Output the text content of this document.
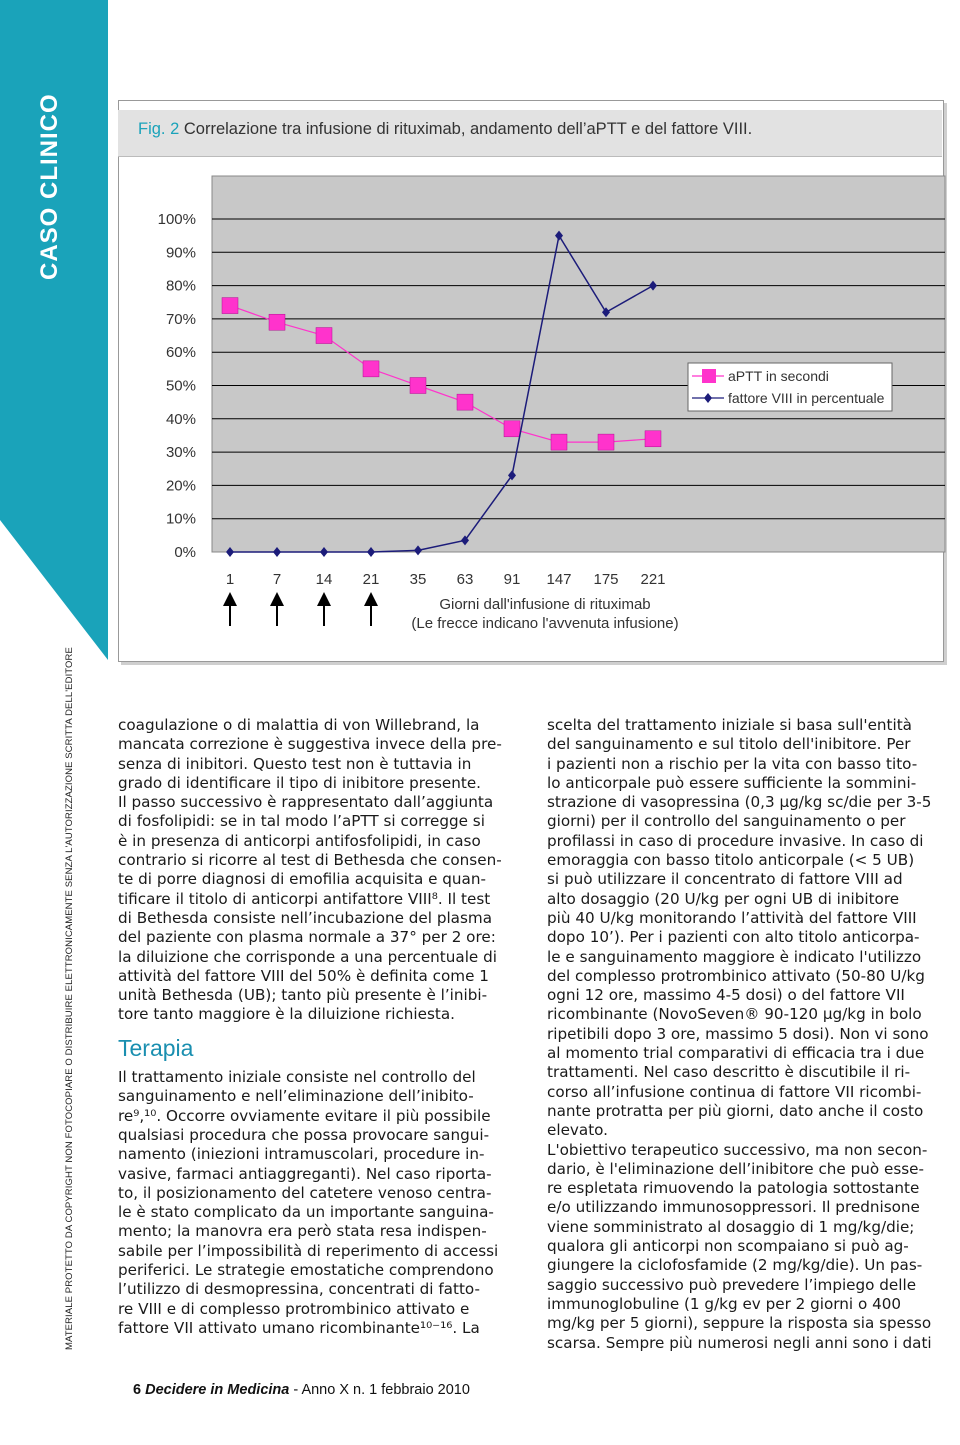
CASO CLINICO
MATERIALE PROTETTO DA COPYRIGHT NON FOTOCOPIARE O DISTRIBUIRE ELETTRONICAMENTE SENZA L'AUTORIZZAZIONE SCRITTA DELL'EDITORE
Fig. 2 Correlazione tra infusione di rituximab, andamento dell’aPTT e del fattore VIII.
0%
10%
20%
30%
40%
50%
60%
70%
80%
90%
100%
1	7 14 21 35 63 91 147 175 221
Giorni dall'infusione di rituximab
(Le frecce indicano l'avvenuta infusione)
aPTT in secondi
fattore VIII in percentuale

coagulazione o di malattia di von Willebrand, la
mancata correzione è suggestiva invece della pre-
senza di inibitori. Questo test non è tuttavia in
grado di identificare il tipo di inibitore presente.
Il passo successivo è rappresentato dall’aggiunta
di fosfolipidi: se in tal modo l’aPTT si corregge si
è in presenza di anticorpi antifosfolipidi, in caso
contrario si ricorre al test di Bethesda che consen-
te di porre diagnosi di emofilia acquisita e quan-
tificare il titolo di anticorpi antifattore VIII⁸. Il test
di Bethesda consiste nell’incubazione del plasma
del paziente con plasma normale a 37° per 2 ore:
la diluizione che corrisponde a una percentuale di
attività del fattore VIII del 50% è definita come 1
unità Bethesda (UB); tanto più presente è l’inibi-
tore tanto maggiore è la diluizione richiesta.

Terapia

Il trattamento iniziale consiste nel controllo del
sanguinamento e nell’eliminazione dell’inibito-
re⁹,¹⁰. Occorre ovviamente evitare il più possibile
qualsiasi procedura che possa provocare sangui-
namento (iniezioni intramuscolari, procedure in-
vasive, farmaci antiaggreganti). Nel caso riporta-
to, il posizionamento del catetere venoso centra-
le è stato complicato da un importante sanguina-
mento; la manovra era però stata resa indispen-
sabile per l’impossibilità di reperimento di accessi
periferici. Le strategie emostatiche comprendono
l’utilizzo di desmopressina, concentrati di fatto-
re VIII e di complesso protrombinico attivato e
fattore VII attivato umano ricombinante¹⁰⁻¹⁶. La

scelta del trattamento iniziale si basa sull'entità
del sanguinamento e sul titolo dell'inibitore. Per
i pazienti non a rischio per la vita con basso tito-
lo anticorpale può essere sufficiente la sommini-
strazione di vasopressina (0,3 µg/kg sc/die per 3-5
giorni) per il controllo del sanguinamento o per
profilassi in caso di procedure invasive. In caso di
emoraggia con basso titolo anticorpale (< 5 UB)
si può utilizzare il concentrato di fattore VIII ad
alto dosaggio (20 U/kg per ogni UB di inibitore
più 40 U/kg monitorando l’attività del fattore VIII
dopo 10’). Per i pazienti con alto titolo anticorpa-
le e sanguinamento maggiore è indicato l'utilizzo
del complesso protrombinico attivato (50-80 U/kg
ogni 12 ore, massimo 4-5 dosi) o del fattore VII
ricombinante (NovoSeven® 90-120 µg/kg in bolo
ripetibili dopo 3 ore, massimo 5 dosi). Non vi sono
al momento trial comparativi di efficacia tra i due
trattamenti. Nel caso descritto è discutibile il ri-
corso all’infusione continua di fattore VII ricombi-
nante protratta per più giorni, dato anche il costo
elevato.

L'obiettivo terapeutico successivo, ma non secon-
dario, è l'eliminazione dell’inibitore che può esse-
re espletata rimuovendo la patologia sottostante
e/o utilizzando immunosoppressori. Il prednisone
viene somministrato al dosaggio di 1 mg/kg/die;
qualora gli anticorpi non scompaiano si può ag-
giungere la ciclofosfamide (2 mg/kg/die). Un pas-
saggio successivo può prevedere l’impiego delle
immunoglobuline (1 g/kg ev per 2 giorni o 400
mg/kg per 5 giorni), seppure la risposta sia spesso
scarsa. Sempre più numerosi negli anni sono i dati

6 Decidere in Medicina - Anno X n. 1 febbraio 2010
